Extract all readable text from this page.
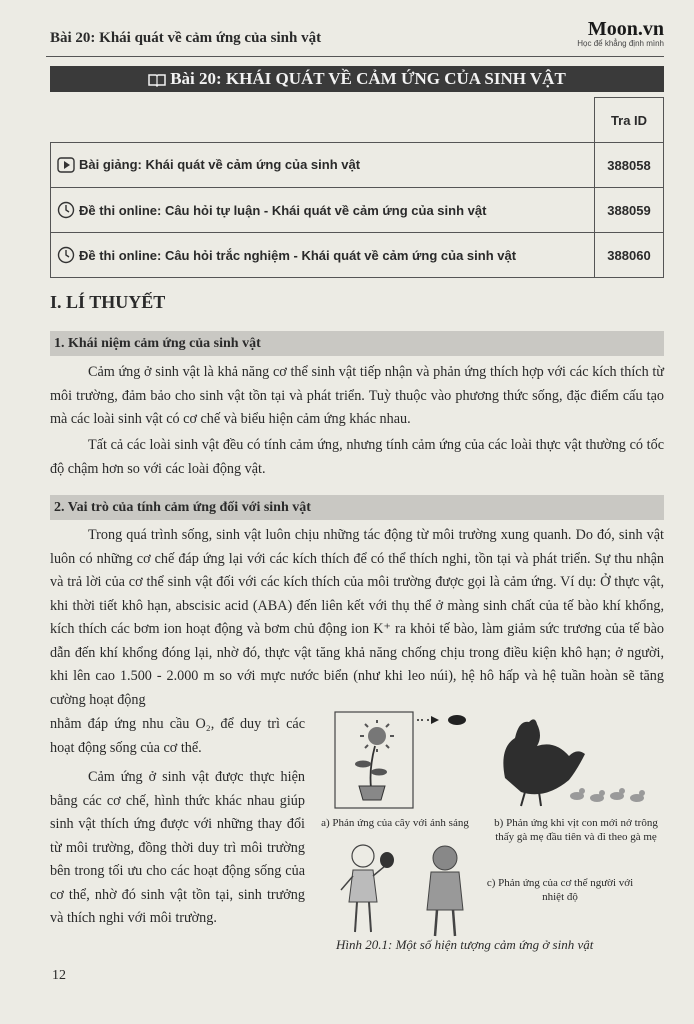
Bài 20: Khái quát về cảm ứng của sinh vật	Moon.vn
Học để khẳng định mình
Bài 20: KHÁI QUÁT VỀ CẢM ỨNG CỦA SINH VẬT
	Tra ID
Bài giảng: Khái quát về cảm ứng của sinh vật	388058
Đề thi online: Câu hỏi tự luận - Khái quát về cảm ứng của sinh vật	388059
Đề thi online: Câu hỏi trắc nghiệm - Khái quát về cảm ứng của sinh vật	388060
I. LÍ THUYẾT
1. Khái niệm cảm ứng của sinh vật

Cảm ứng ở sinh vật là khả năng cơ thể sinh vật tiếp nhận và phản ứng thích hợp với các kích thích từ môi trường, đảm bảo cho sinh vật tồn tại và phát triển. Tuỳ thuộc vào phương thức sống, đặc điểm cấu tạo mà các loài sinh vật có cơ chế và biểu hiện cảm ứng khác nhau.

Tất cả các loài sinh vật đều có tính cảm ứng, nhưng tính cảm ứng của các loài thực vật thường có tốc độ chậm hơn so với các loài động vật.

2. Vai trò của tính cảm ứng đối với sinh vật

Trong quá trình sống, sinh vật luôn chịu những tác động từ môi trường xung quanh. Do đó, sinh vật luôn có những cơ chế đáp ứng lại với các kích thích để có thể thích nghi, tồn tại và phát triển. Sự thu nhận và trả lời của cơ thể sinh vật đối với các kích thích của môi trường được gọi là cảm ứng. Ví dụ: Ở thực vật, khi thời tiết khô hạn, abscisic acid (ABA) đến liên kết với thụ thể ở màng sinh chất của tế bào khí khổng, kích thích các bơm ion hoạt động và bơm chủ động ion K⁺ ra khỏi tế bào, làm giảm sức trương của tế bào dẫn đến khí khổng đóng lại, nhờ đó, thực vật tăng khả năng chống chịu trong điều kiện khô hạn; ở người, khi lên cao 1.500 - 2.000 m so với mực nước biển (như khi leo núi), hệ hô hấp và hệ tuần hoàn sẽ tăng cường hoạt động

nhằm đáp ứng nhu cầu O₂, để duy trì các hoạt động sống của cơ thể.

Cảm ứng ở sinh vật được thực hiện bằng các cơ chế, hình thức khác nhau giúp sinh vật thích ứng được với những thay đổi từ môi trường, đồng thời duy trì môi trường bên trong tối ưu cho các hoạt động sống của cơ thể, nhờ đó sinh vật tồn tại, sinh trưởng và thích nghi với môi trường.

a) Phản ứng của cây với ánh sáng	b) Phản ứng khi vịt con mới nở trông thấy gà mẹ đầu tiên và đi theo gà mẹ
c) Phản ứng của cơ thể người với nhiệt độ
Hình 20.1: Một số hiện tượng cảm ứng ở sinh vật
12
